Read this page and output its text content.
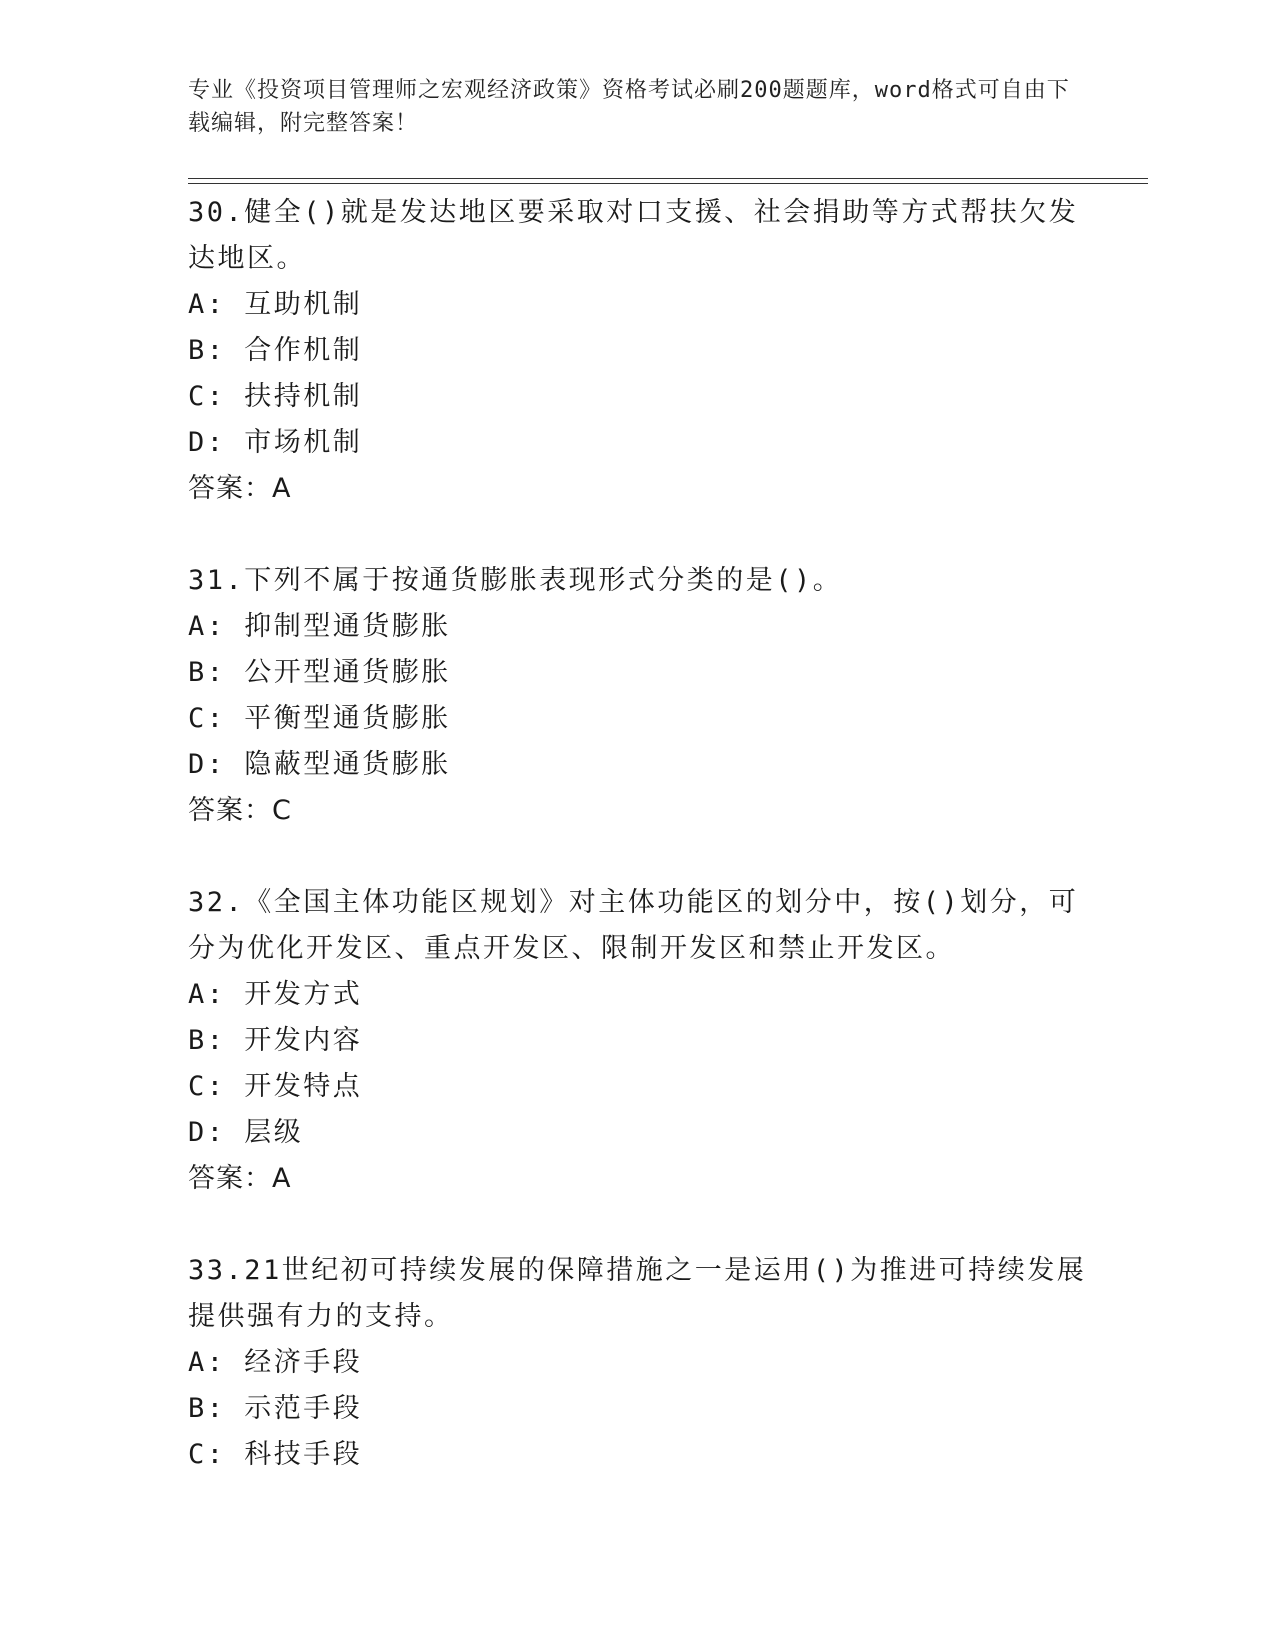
专业《投资项目管理师之宏观经济政策》资格考试必刷200题题库，word格式可自由下载编辑，附完整答案！

30.健全()就是发达地区要采取对口支援、社会捐助等方式帮扶欠发达地区。

A: 互助机制

B: 合作机制

C: 扶持机制

D: 市场机制

答案：A

31.下列不属于按通货膨胀表现形式分类的是()。

A: 抑制型通货膨胀

B: 公开型通货膨胀

C: 平衡型通货膨胀

D: 隐蔽型通货膨胀

答案：C

32.《全国主体功能区规划》对主体功能区的划分中，按()划分，可分为优化开发区、重点开发区、限制开发区和禁止开发区。

A: 开发方式

B: 开发内容

C: 开发特点

D: 层级

答案：A

33.21世纪初可持续发展的保障措施之一是运用()为推进可持续发展提供强有力的支持。

A: 经济手段

B: 示范手段

C: 科技手段
